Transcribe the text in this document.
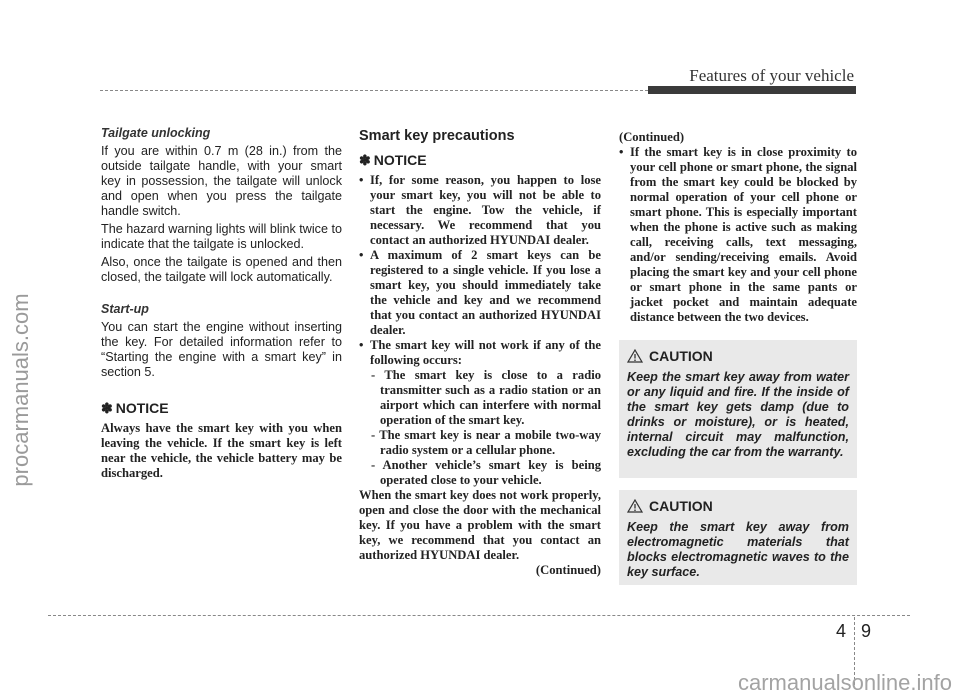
Features of your vehicle
procarmanuals.com
Tailgate unlocking

If you are within 0.7 m (28 in.) from the outside tailgate handle, with your smart key in possession, the tailgate will unlock and open when you press the tailgate handle switch.

The hazard warning lights will blink twice to indicate that the tailgate is unlocked.

Also, once the tailgate is opened and then closed, the tailgate will lock automatically.

Start-up

You can start the engine without inserting the key. For detailed information refer to “Starting the engine with a smart key” in section 5.

✽ NOTICE

Always have the smart key with you when leaving the vehicle. If the smart key is left near the vehicle, the vehicle battery may be discharged.

Smart key precautions
✽ NOTICE

• If, for some reason, you happen to lose your smart key, you will not be able to start the engine. Tow the vehicle, if necessary. We recommend that you contact an authorized HYUNDAI dealer.

• A maximum of 2 smart keys can be registered to a single vehicle. If you lose a smart key, you should immediately take the vehicle and key and we recommend that you contact an authorized HYUNDAI dealer.

• The smart key will not work if any of the following occurs:

- The smart key is close to a radio transmitter such as a radio station or an airport which can interfere with normal operation of the smart key.

- The smart key is near a mobile two-way radio system or a cellular phone.

- Another vehicle’s smart key is being operated close to your vehicle.

When the smart key does not work properly, open and close the door with the mechanical key. If you have a problem with the smart key, we recommend that you contact an authorized HYUNDAI dealer.

(Continued)

(Continued)

• If the smart key is in close proximity to your cell phone or smart phone, the signal from the smart key could be blocked by normal operation of your cell phone or smart phone. This is especially important when the phone is active such as making call, receiving calls, text messaging, and/or sending/receiving emails. Avoid placing the smart key and your cell phone or smart phone in the same pants or jacket pocket and maintain adequate distance between the two devices.

CAUTION

Keep the smart key away from water or any liquid and fire. If the inside of the smart key gets damp (due to drinks or moisture), or is heated, internal circuit may malfunction, excluding the car from the warranty.

CAUTION

Keep the smart key away from electromagnetic materials that blocks electromagnetic waves to the key surface.

4 9
carmanualsonline.info
